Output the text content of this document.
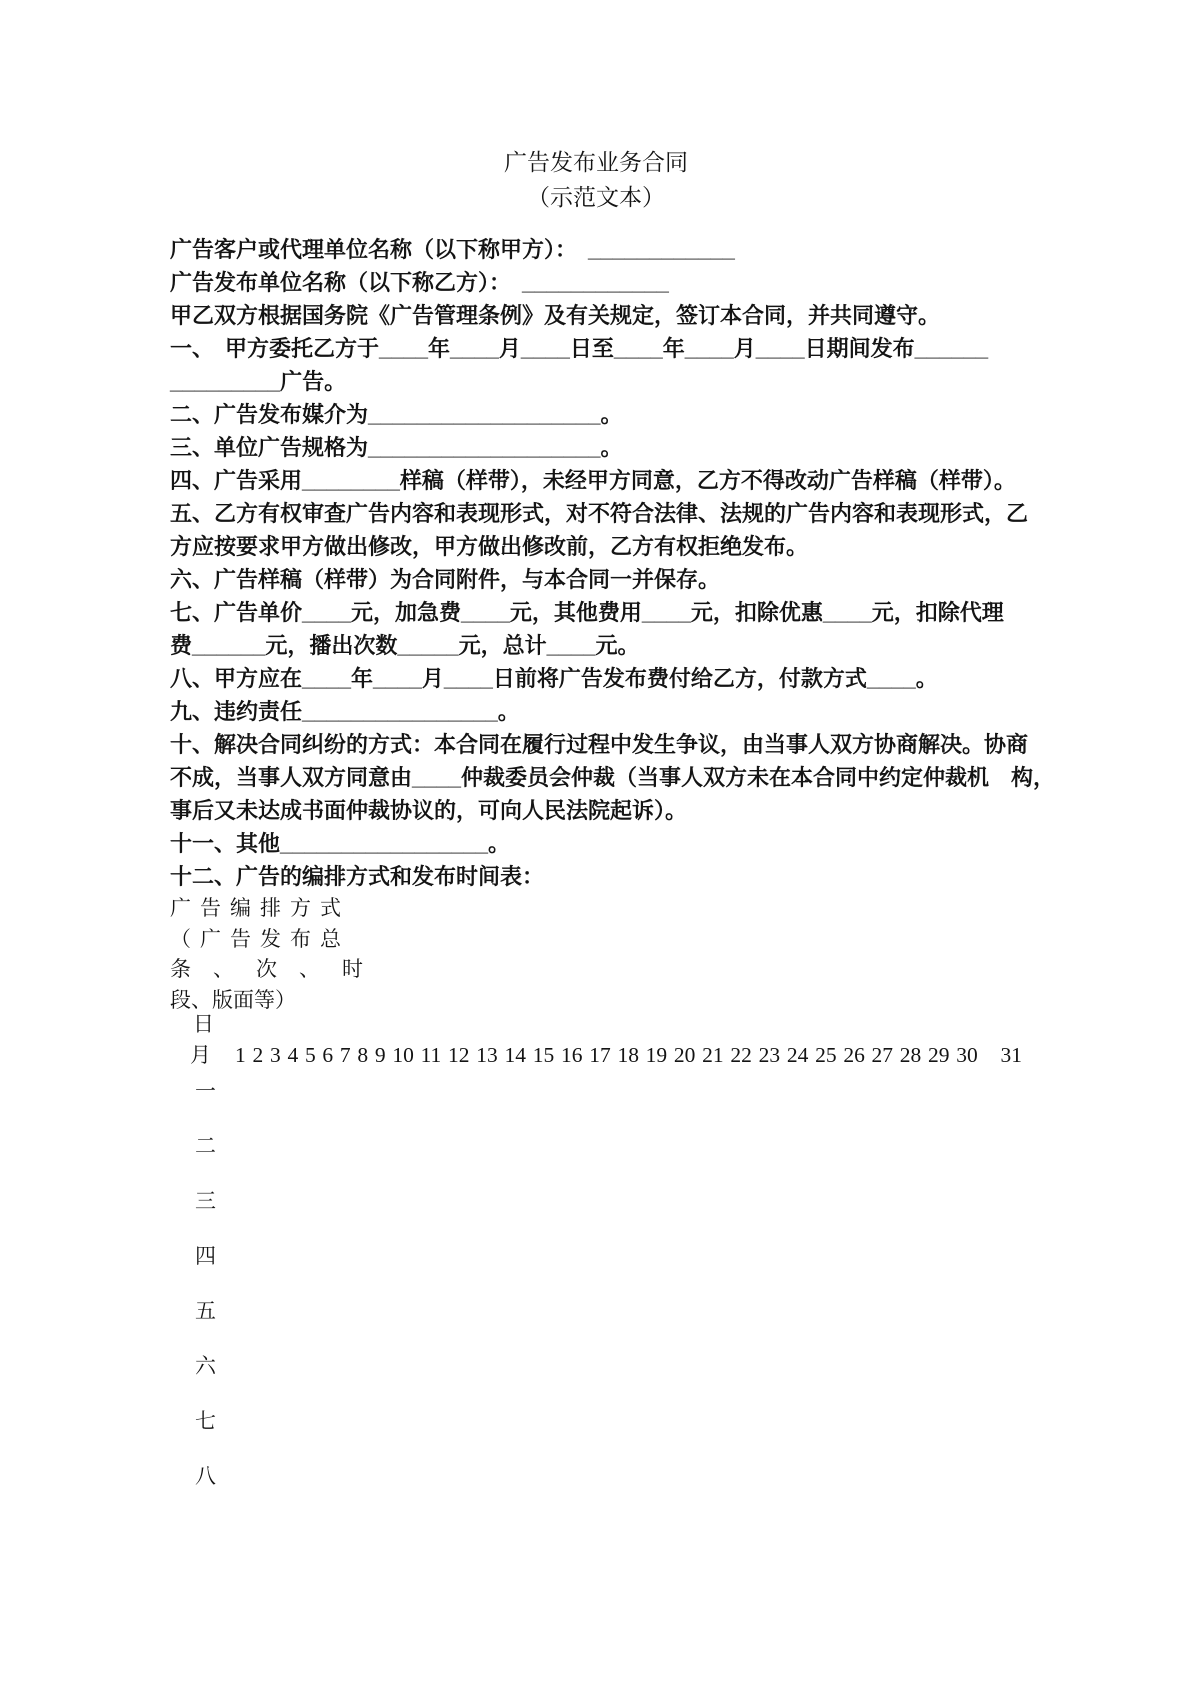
广告发布业务合同
（示范文本）
广告客户或代理单位名称（以下称甲方）：　____________
广告发布单位名称（以下称乙方）：　____________
甲乙双方根据国务院《广告管理条例》及有关规定，签订本合同，并共同遵守。
一、　甲方委托乙方于____年____月____日至____年____月____日期间发布______
_________广告。
二、广告发布媒介为___________________。
三、单位广告规格为___________________。
四、广告采用________样稿（样带），未经甲方同意，乙方不得改动广告样稿（样带）。
五、乙方有权审查广告内容和表现形式，对不符合法律、法规的广告内容和表现形式，乙
方应按要求甲方做出修改，甲方做出修改前，乙方有权拒绝发布。
六、广告样稿（样带）为合同附件，与本合同一并保存。
七、广告单价____元，加急费____元，其他费用____元，扣除优惠____元，扣除代理
费______元，播出次数_____元，总计____元。
八、甲方应在____年____月____日前将广告发布费付给乙方，付款方式____。
九、违约责任________________。
十、解决合同纠纷的方式：本合同在履行过程中发生争议，由当事人双方协商解决。协商
不成，当事人双方同意由____仲裁委员会仲裁（当事人双方未在本合同中约定仲裁机　构，
事后又未达成书面仲裁协议的，可向人民法院起诉）。
十一、其他_________________。
十二、广告的编排方式和发布时间表：
广告编排方式
（广告发布总
条、次、时
段、版面等）
日
月 1 2 3 4 5 6 7 8 9 10 11 12 13 14 15 16 17 18 19 20 21 22 23 24 25 26 27 28 29 30 31
一
二
三
四
五
六
七
八
